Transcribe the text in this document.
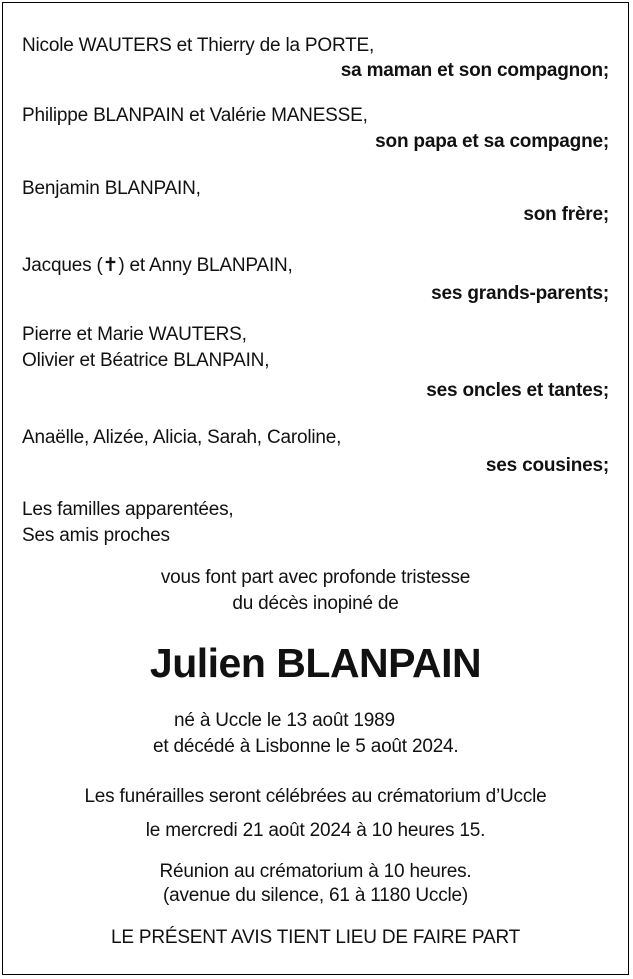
Nicole WAUTERS et Thierry de la PORTE,
sa maman et son compagnon;
Philippe BLANPAIN et Valérie MANESSE,
son papa et sa compagne;
Benjamin BLANPAIN,
son frère;
Jacques (✝) et Anny BLANPAIN,
ses grands-parents;
Pierre et Marie WAUTERS,
Olivier et Béatrice BLANPAIN,
ses oncles et tantes;
Anaëlle, Alizée, Alicia, Sarah, Caroline,
ses cousines;
Les familles apparentées,
Ses amis proches
vous font part avec profonde tristesse
du décès inopiné de
Julien BLANPAIN
né à Uccle le 13 août 1989
et décédé à Lisbonne le 5 août 2024.
Les funérailles seront célébrées au crématorium d’Uccle
le mercredi 21 août 2024 à 10 heures 15.
Réunion au crématorium à 10 heures.
(avenue du silence, 61 à 1180 Uccle)
LE PRÉSENT AVIS TIENT LIEU DE FAIRE PART
